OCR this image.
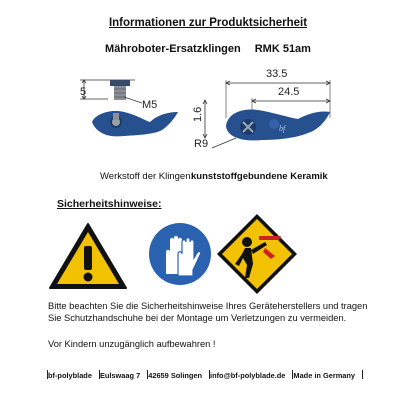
Informationen zur Produktsicherheit
Mähroboter-Ersatzklingen RMK 51am
bf
5
M5
33.5
24.5
1.6
R9
Werkstoff der Klingen:
kunststoffgebundene Keramik
Sicherheitshinweise:
Bitte beachten Sie die Sicherheitshinweise Ihres Geräteherstellers und tragen Sie Schutzhandschuhe bei der Montage um Verletzungen zu vermeiden.
Vor Kindern unzugänglich aufbewahren !
bf-polyblade Eulswaag 7 42659 Solingen info@bf-polyblade.de Made in Germany
